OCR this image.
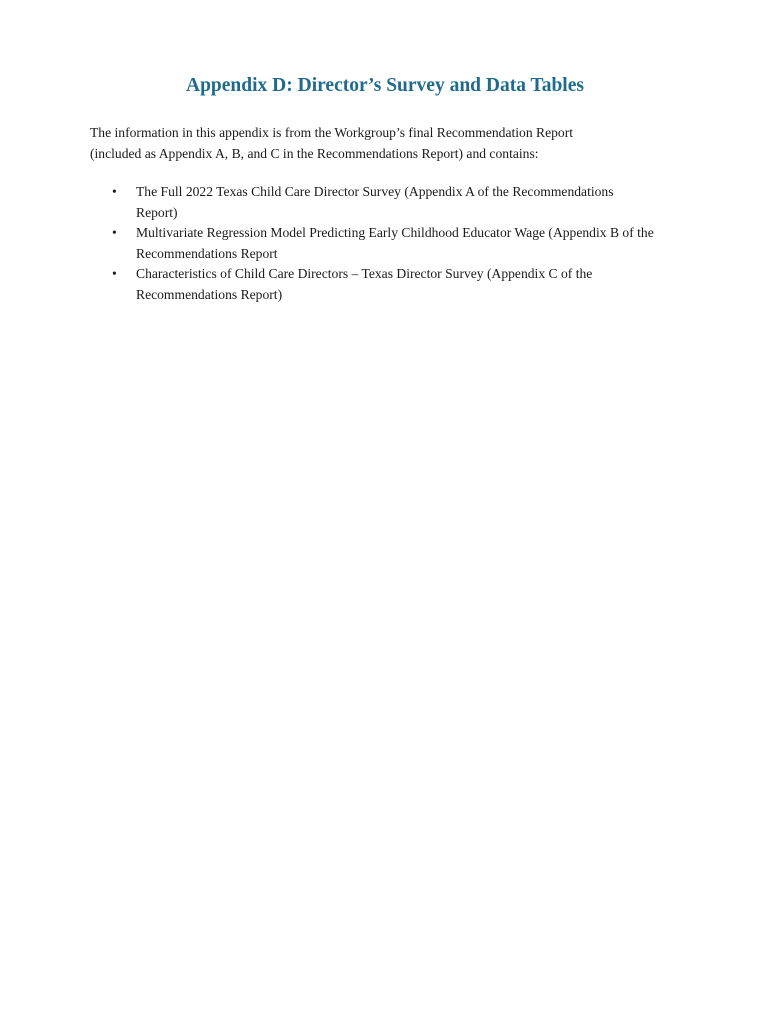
Appendix D: Director’s Survey and Data Tables

The information in this appendix is from the Workgroup’s final Recommendation Report
(included as Appendix A, B, and C in the Recommendations Report) and contains:

• The Full 2022 Texas Child Care Director Survey (Appendix A of the Recommendations
Report)
• Multivariate Regression Model Predicting Early Childhood Educator Wage (Appendix B of the
Recommendations Report
• Characteristics of Child Care Directors – Texas Director Survey (Appendix C of the
Recommendations Report)
